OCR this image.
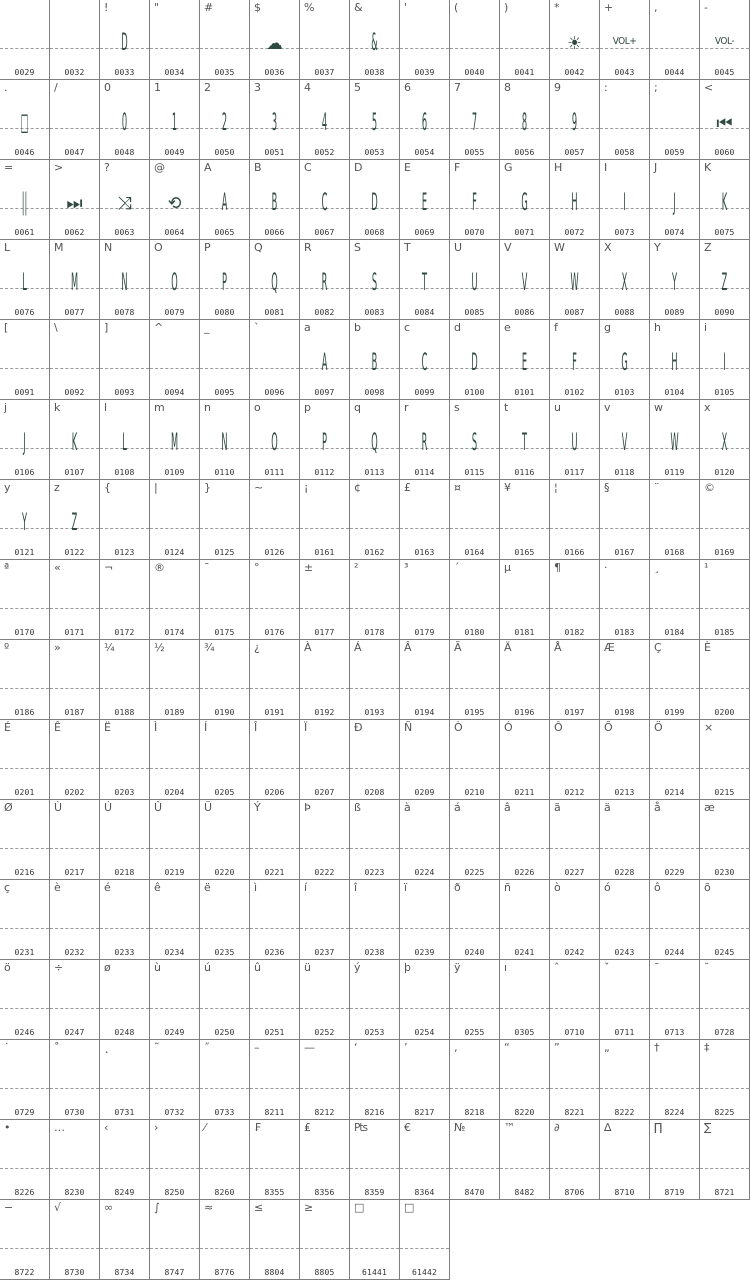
0029	0032
!
D
0033
"
0034
#
0035
$
☁
0036
%
0037
&
&
0038
'
0039
(
0040
)
0041
*
☀
0042
+
VOL+
0043
,
0044
-
VOL-
0045
.
□
0046
/
0047
0
0
0048
1
1
0049
2
2
0050
3
3
0051
4
4
0052
5
5
0053
6
6
0054
7
7
0055
8
8
0056
9
9
0057
:
0058
;
0059
<
⏮
0060
=
||
0061
>
⏭
0062
?
⤨
0063
@
⟲
0064
A
A
0065
B
B
0066
C
C
0067
D
D
0068
E
E
0069
F
F
0070
G
G
0071
H
H
0072
I
I
0073
J
J
0074
K
K
0075
L
L
0076
M
M
0077
N
N
0078
O
O
0079
P
P
0080
Q
Q
0081
R
R
0082
S
S
0083
T
T
0084
U
U
0085
V
V
0086
W
W
0087
X
X
0088
Y
Y
0089
Z
Z
0090
[
0091
\
0092
]
0093
^
0094
_
0095
`
0096
a
A
0097
b
B
0098
c
C
0099
d
D
0100
e
E
0101
f
F
0102
g
G
0103
h
H
0104
i
I
0105
j
J
0106
k
K
0107
l
L
0108
m
M
0109
n
N
0110
o
O
0111
p
P
0112
q
Q
0113
r
R
0114
s
S
0115
t
T
0116
u
U
0117
v
V
0118
w
W
0119
x
X
0120
y
Y
0121
z
Z
0122
{
0123
|
0124
}
0125
~
0126
¡
0161
¢
0162
£
0163
¤
0164
¥
0165
¦
0166
§
0167
¨
0168
©
0169
ª
0170
«
0171
¬
0172
®
0174
¯
0175
°
0176
±
0177
²
0178
³
0179
´
0180
µ
0181
¶
0182
·
0183
¸
0184
¹
0185
º
0186
»
0187
¼
0188
½
0189
¾
0190
¿
0191
À
0192
Á
0193
Â
0194
Ã
0195
Ä
0196
Å
0197
Æ
0198
Ç
0199
È
0200
É
0201
Ê
0202
Ë
0203
Ì
0204
Í
0205
Î
0206
Ï
0207
Ð
0208
Ñ
0209
Ò
0210
Ó
0211
Ô
0212
Õ
0213
Ö
0214
×
0215
Ø
0216
Ù
0217
Ú
0218
Û
0219
Ü
0220
Ý
0221
Þ
0222
ß
0223
à
0224
á
0225
â
0226
ã
0227
ä
0228
å
0229
æ
0230
ç
0231
è
0232
é
0233
ê
0234
ë
0235
ì
0236
í
0237
î
0238
ï
0239
ð
0240
ñ
0241
ò
0242
ó
0243
ô
0244
õ
0245
ö
0246
÷
0247
ø
0248
ù
0249
ú
0250
û
0251
ü
0252
ý
0253
þ
0254
ÿ
0255
ı
0305
ˆ
0710
ˇ
0711
ˉ
0713
˘
0728
˙
0729
˚
0730
˛
0731
˜
0732
˝
0733
–
8211
—
8212
‘
8216
’
8217
‚
8218
“
8220
”
8221
„
8222
†
8224
‡
8225
•
8226
…
8230
‹
8249
›
8250
⁄
8260
₣
8355
₤
8356
₧
8359
€
8364
№
8470
™
8482
∂
8706
∆
8710
∏
8719
∑
8721
−
8722
√
8730
∞
8734
∫
8747
≈
8776
≤
8804
≥
8805
□
61441
□
61442
